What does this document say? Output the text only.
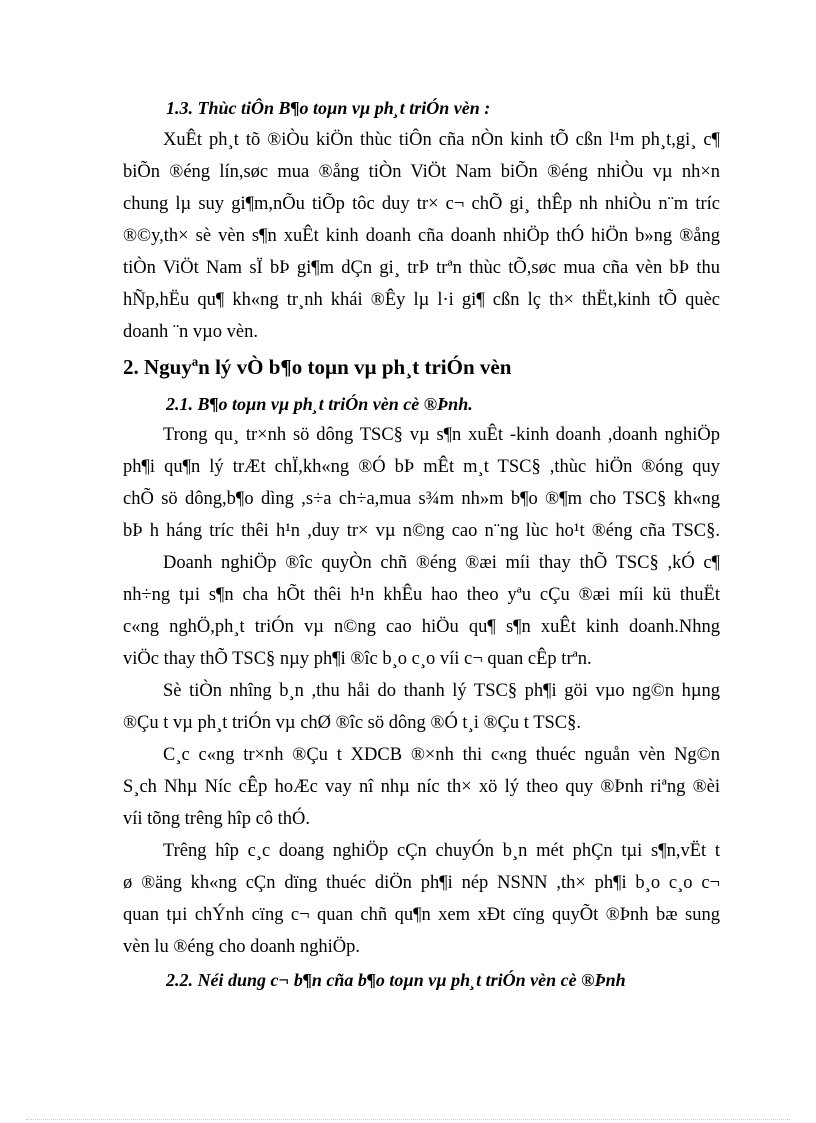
1.3. Thùc tiÔn B¶o toµn vµ ph¸t triÓn vèn :
XuÊt ph¸t tõ ®iÒu kiÖn thùc tiÔn cña nÒn kinh tÕ cßn l¹m ph¸t,gi¸ c¶
biÕn ®éng lín,søc mua ®ång tiÒn ViÖt Nam biÕn ®éng nhiÒu vµ nh×n
chung lµ suy gi¶m,nÕu tiÕp tôc duy tr× c¬ chÕ gi¸ thÊp nh nhiÒu n¨m tríc
®©y,th× sè vèn s¶n xuÊt kinh doanh cña doanh nhiÖp thÓ hiÖn b»ng ®ång
tiÒn ViÖt Nam sÏ bÞ gi¶m dÇn gi¸ trÞ trªn thùc tÕ,søc mua cña vèn bÞ thu
hÑp,hËu qu¶ kh«ng tr¸nh khái ®Êy lµ l·i gi¶ cßn lç th× thËt,kinh tÕ quèc
doanh ¨n vµo vèn.
2. Nguyªn lý vÒ b¶o toµn vµ ph¸t triÓn vèn
2.1. B¶o toµn vµ ph¸t triÓn vèn cè ®Þnh.
Trong qu¸ tr×nh sö dông TSC§ vµ s¶n xuÊt -kinh doanh ,doanh nghiÖp
ph¶i qu¶n lý trÆt chÏ,kh«ng ®Ó bÞ mÊt m¸t TSC§ ,thùc hiÖn ®óng quy
chÕ sö dông,b¶o dìng ,s÷a ch÷a,mua s¾m nh»m b¶o ®¶m cho TSC§ kh«ng
bÞ h háng tríc thêi h¹n ,duy tr× vµ n©ng cao n¨ng lùc ho¹t ®éng cña TSC§.
Doanh nghiÖp ®îc quyÒn chñ ®éng ®æi míi thay thÕ TSC§ ,kÓ c¶
nh÷ng tµi s¶n cha hÕt thêi h¹n khÊu hao theo yªu cÇu ®æi míi kü thuËt
c«ng nghÖ,ph¸t triÓn vµ n©ng cao hiÖu qu¶ s¶n xuÊt kinh doanh.Nhng
viÖc thay thÕ TSC§ nµy ph¶i ®îc b¸o c¸o víi c¬ quan cÊp trªn.
Sè tiÒn nhîng b¸n ,thu håi do thanh lý TSC§ ph¶i göi vµo ng©n hµng
®Çu t vµ ph¸t triÓn vµ chØ ®îc sö dông ®Ó t¸i ®Çu t TSC§.
C¸c c«ng tr×nh ®Çu t XDCB ®×nh thi c«ng thuéc nguån vèn Ng©n
S¸ch Nhµ Níc cÊp hoÆc vay nî nhµ níc th× xö lý theo quy ®Þnh riªng ®èi
víi tõng trêng hîp cô thÓ.
Trêng hîp c¸c doang nghiÖp cÇn chuyÓn b¸n mét phÇn tµi s¶n,vËt t
ø ®äng kh«ng cÇn dïng thuéc diÖn ph¶i nép NSNN ,th× ph¶i b¸o c¸o c¬
quan tµi chÝnh cïng c¬ quan chñ qu¶n xem xÐt cïng quyÕt ®Þnh bæ sung
vèn lu ®éng cho doanh nghiÖp.
2.2. Néi dung c¬ b¶n cña b¶o toµn vµ ph¸t triÓn vèn cè ®Þnh
